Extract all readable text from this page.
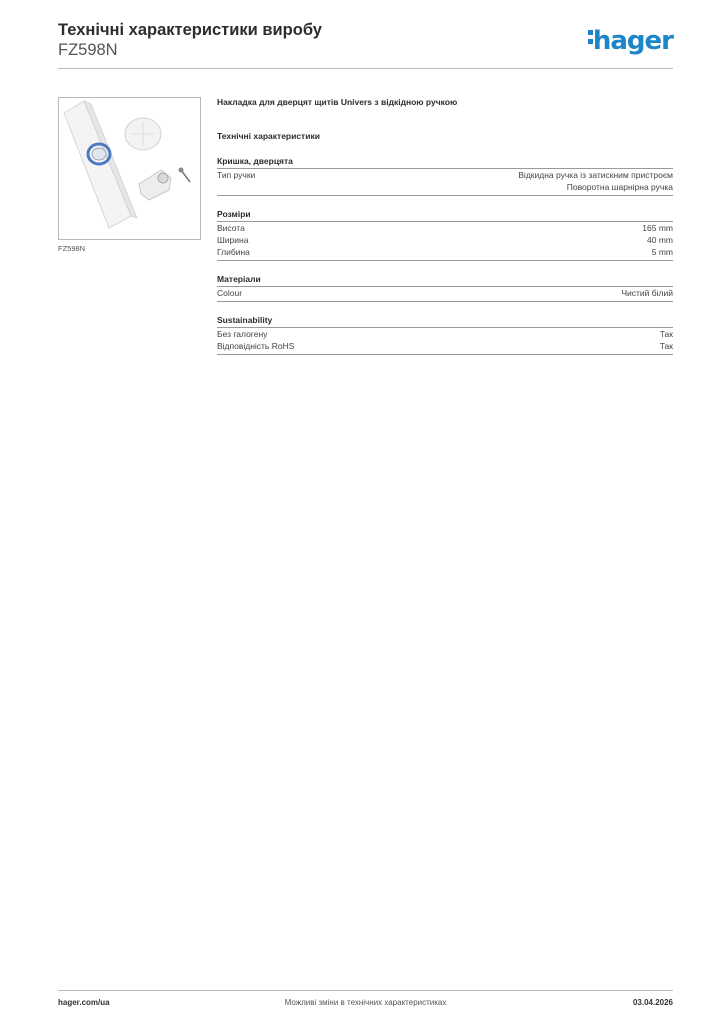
Технічні характеристики виробу
FZ598N	hager
FZ598N
Накладка для дверцят щитів Univers з відкідною ручкою
Технічні характеристики
Кришка, дверцята
Тип ручки	Відкидна ручка із затискним пристроєм
Поворотна шарнірна ручка
Розміри
Висота	165 mm
Ширина	40 mm
Глибина	5 mm
Матеріали
Colour	Чистий білий
Sustainability
Без галогену	Так
Відповідність RoHS	Так
hager.com/ua	Можливі зміни в технічних характеристиках	03.04.2026
